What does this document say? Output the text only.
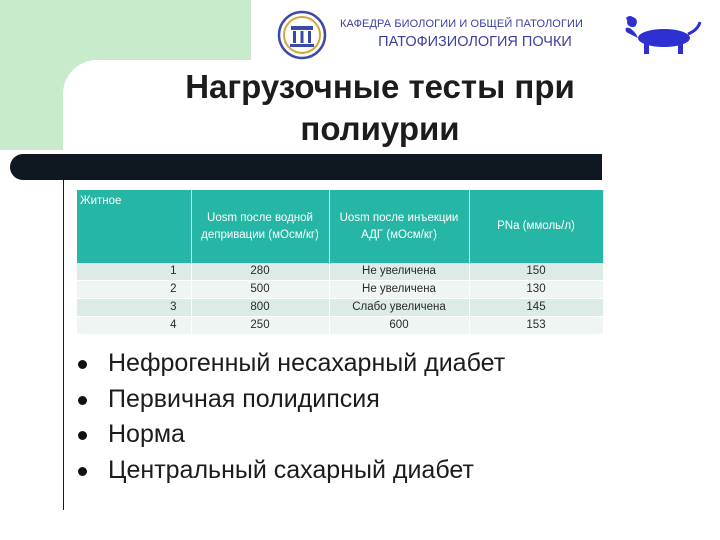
КАФЕДРА БИОЛОГИИ И ОБЩЕЙ ПАТОЛОГИИ
ПАТОФИЗИОЛОГИЯ ПОЧКИ
Нагрузочные тесты при
полиурии
Житное	Uosm после водной депривации (мОсм/кг)	Uosm после инъекции АДГ (мОсм/кг)	PNa (ммоль/л)
1	280	Не увеличена	150
2	500	Не увеличена	130
3	800	Слабо увеличена	145
4	250	600	153
Нефрогенный несахарный диабет
Первичная полидипсия
Норма
Центральный сахарный диабет
